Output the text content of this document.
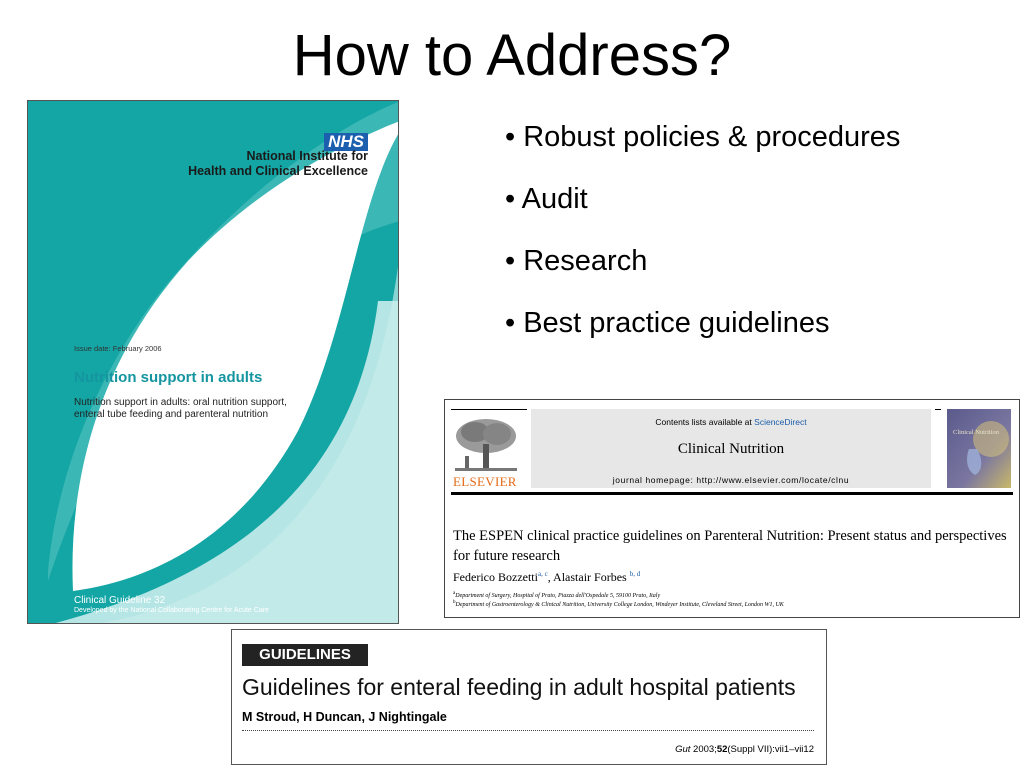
How to Address?
NHS
National Institute for
Health and Clinical Excellence
Issue date: February 2006
Nutrition support in adults
Nutrition support in adults: oral nutrition support, enteral tube feeding and parenteral nutrition
Clinical Guideline 32
Developed by the National Collaborating Centre for Acute Care
• Robust policies & procedures
• Audit
• Research
• Best practice guidelines
ELSEVIER
Contents lists available at ScienceDirect
Clinical Nutrition
journal homepage: http://www.elsevier.com/locate/clnu
Clinical Nutrition
The ESPEN clinical practice guidelines on Parenteral Nutrition: Present status and perspectives for future research
Federico Bozzetti$^{a, c}$, Alastair Forbes $^{b, d}$
$^a$Department of Surgery, Hospital of Prato, Piazza dell'Ospedale 5, 59100 Prato, Italy
$^b$Department of Gastroenterology & Clinical Nutrition, University College London, Windeyer Institute, Cleveland Street, London W1, UK
GUIDELINES
Guidelines for enteral feeding in adult hospital patients
M Stroud, H Duncan, J Nightingale
Gut 2003;52(Suppl VII):vii1–vii12
